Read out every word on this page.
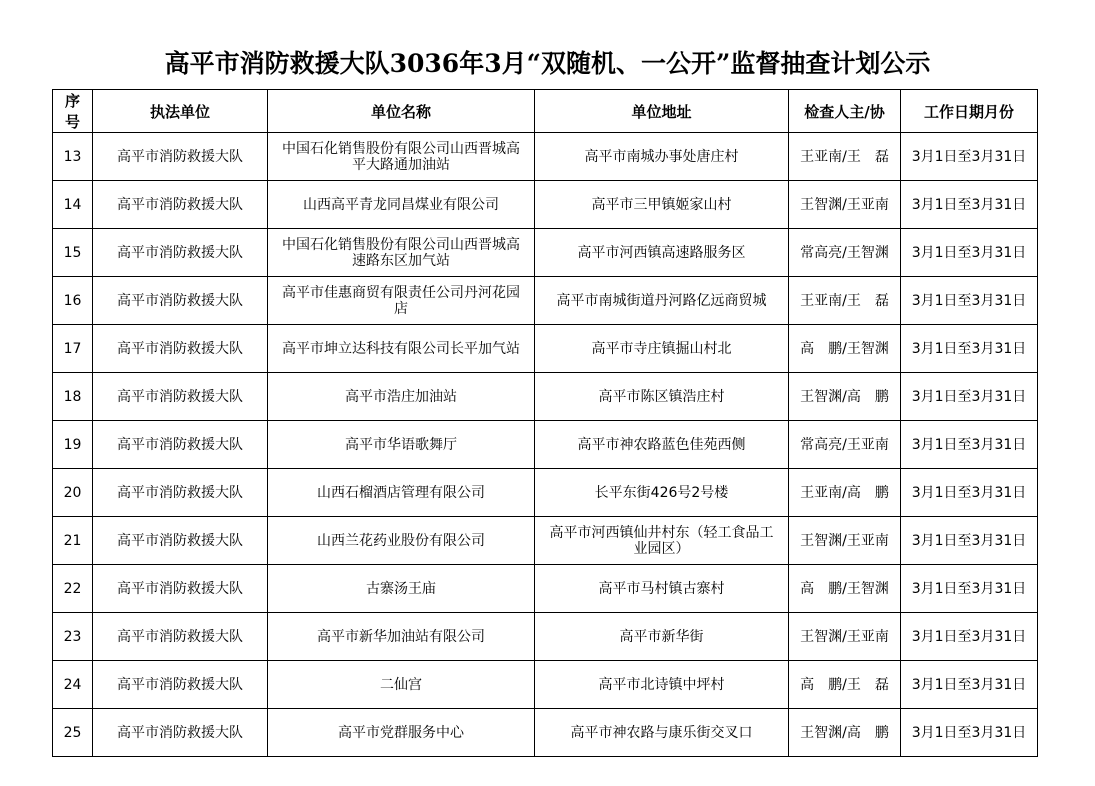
高平市消防救援大队3036年3月“双随机、一公开”监督抽查计划公示
序号	执法单位	单位名称	单位地址	检查人主/协	工作日期月份
13	高平市消防救援大队	中国石化销售股份有限公司山西晋城高平大路通加油站	高平市南城办事处唐庄村	王亚南/王　磊	3月1日至3月31日
14	高平市消防救援大队	山西高平青龙同昌煤业有限公司	高平市三甲镇姬家山村	王智渊/王亚南	3月1日至3月31日
15	高平市消防救援大队	中国石化销售股份有限公司山西晋城高速路东区加气站	高平市河西镇高速路服务区	常高亮/王智渊	3月1日至3月31日
16	高平市消防救援大队	高平市佳惠商贸有限责任公司丹河花园店	高平市南城街道丹河路亿远商贸城	王亚南/王　磊	3月1日至3月31日
17	高平市消防救援大队	高平市坤立达科技有限公司长平加气站	高平市寺庄镇掘山村北	高　鹏/王智渊	3月1日至3月31日
18	高平市消防救援大队	高平市浩庄加油站	高平市陈区镇浩庄村	王智渊/高　鹏	3月1日至3月31日
19	高平市消防救援大队	高平市华语歌舞厅	高平市神农路蓝色佳苑西侧	常高亮/王亚南	3月1日至3月31日
20	高平市消防救援大队	山西石榴酒店管理有限公司	长平东街426号2号楼	王亚南/高　鹏	3月1日至3月31日
21	高平市消防救援大队	山西兰花药业股份有限公司	高平市河西镇仙井村东（轻工食品工业园区）	王智渊/王亚南	3月1日至3月31日
22	高平市消防救援大队	古寨汤王庙	高平市马村镇古寨村	高　鹏/王智渊	3月1日至3月31日
23	高平市消防救援大队	高平市新华加油站有限公司	高平市新华街	王智渊/王亚南	3月1日至3月31日
24	高平市消防救援大队	二仙宫	高平市北诗镇中坪村	高　鹏/王　磊	3月1日至3月31日
25	高平市消防救援大队	高平市党群服务中心	高平市神农路与康乐街交叉口	王智渊/高　鹏	3月1日至3月31日
